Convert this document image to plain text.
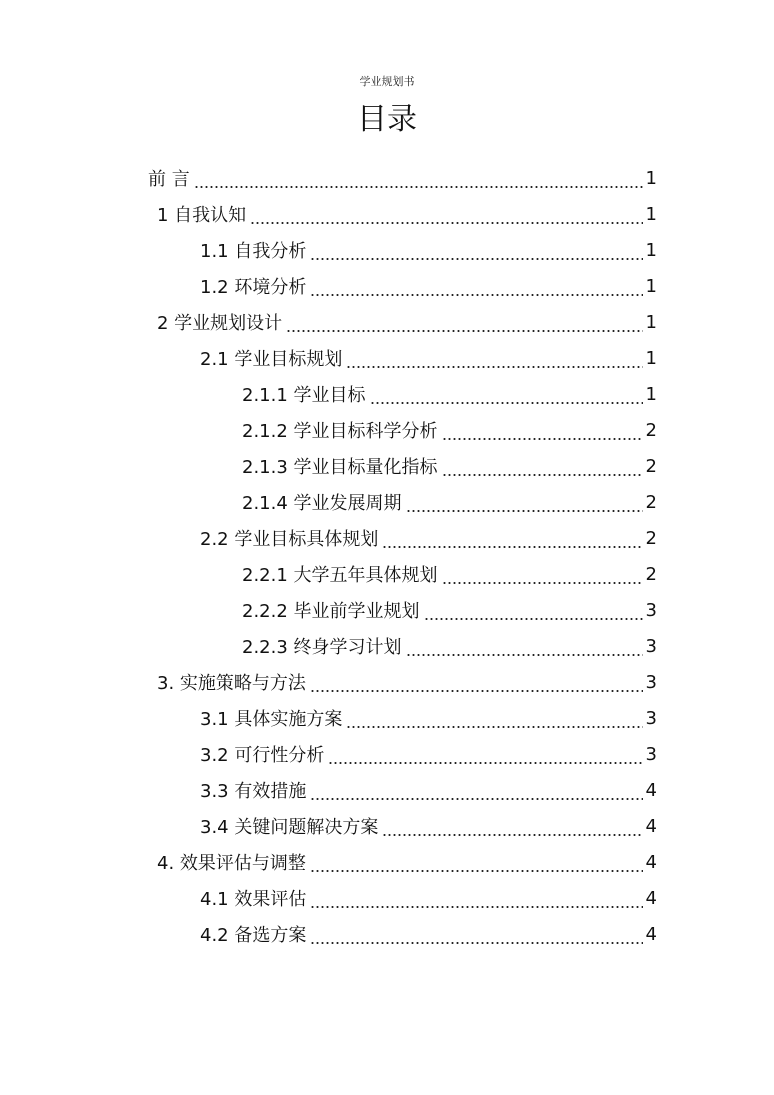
学业规划书
目录
前 言	1
1 自我认知	1
1.1 自我分析	1
1.2 环境分析	1
2 学业规划设计	1
2.1 学业目标规划	1
2.1.1 学业目标	1
2.1.2 学业目标科学分析	2
2.1.3 学业目标量化指标	2
2.1.4 学业发展周期	2
2.2 学业目标具体规划	2
2.2.1 大学五年具体规划	2
2.2.2 毕业前学业规划	3
2.2.3 终身学习计划	3
3. 实施策略与方法	3
3.1 具体实施方案	3
3.2 可行性分析	3
3.3 有效措施	4
3.4 关键问题解决方案	4
4. 效果评估与调整	4
4.1 效果评估	4
4.2 备选方案	4
